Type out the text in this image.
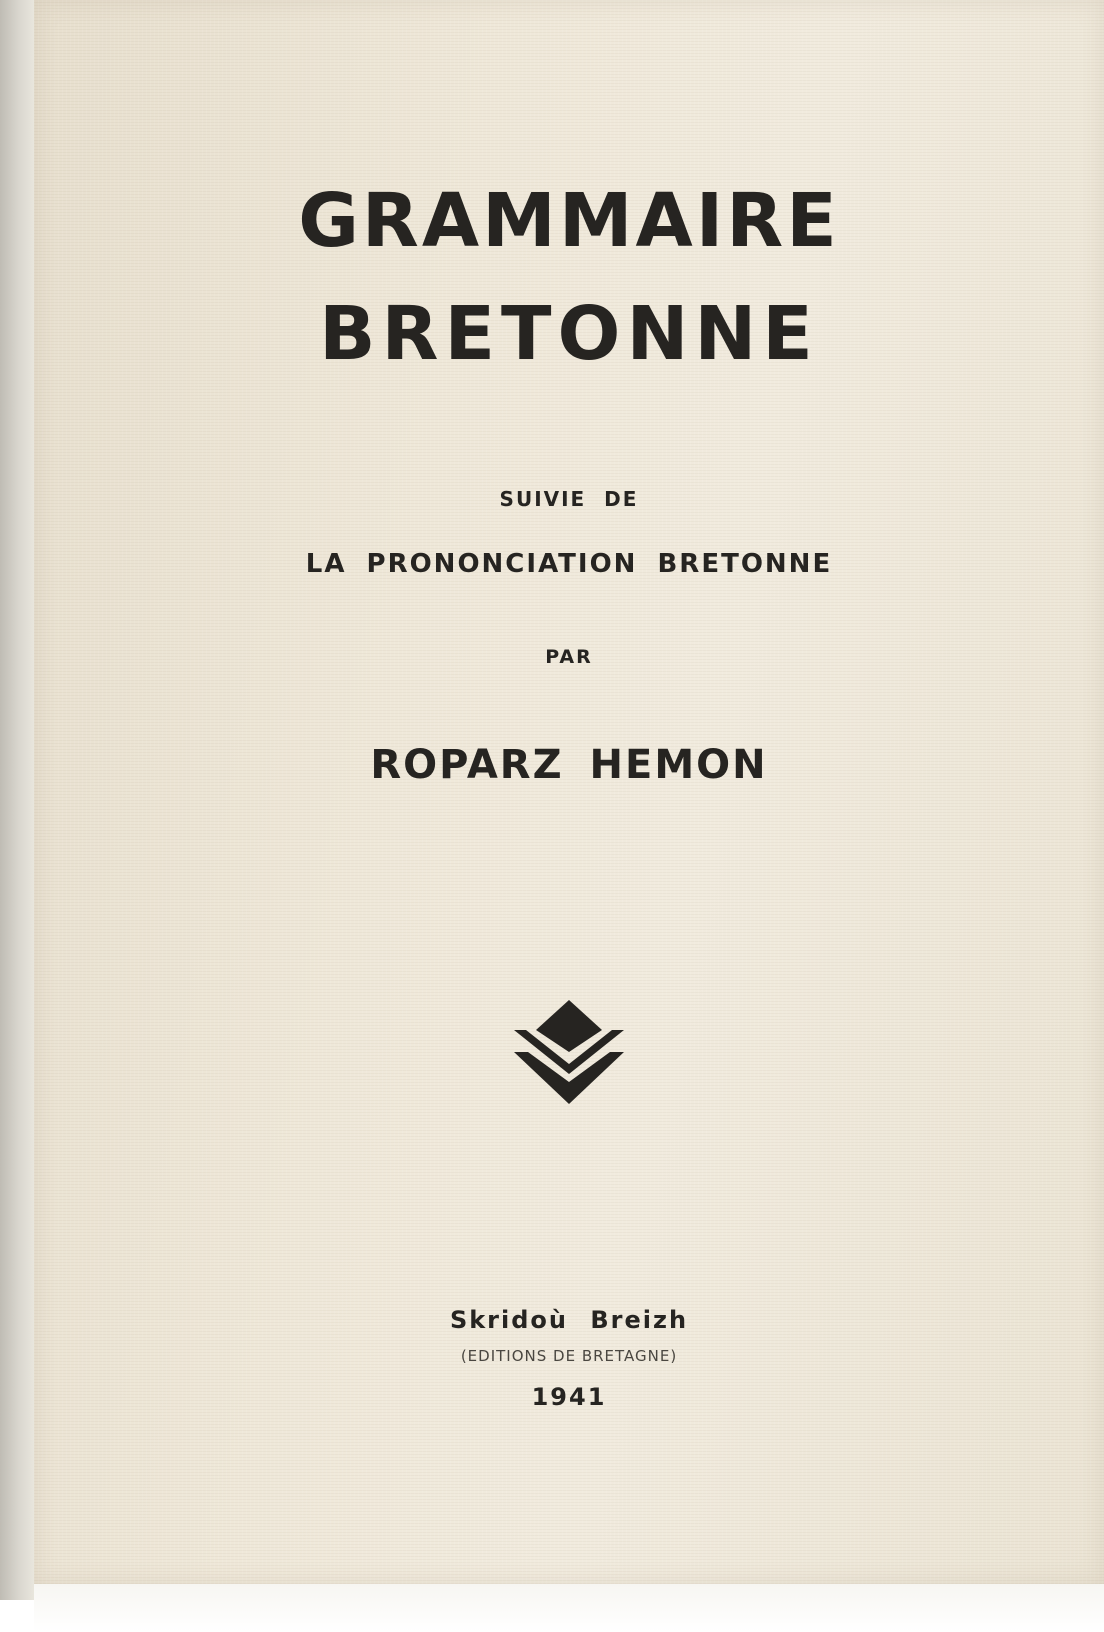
GRAMMAIRE
BRETONNE
SUIVIE DE
LA PRONONCIATION BRETONNE
PAR
ROPARZ HEMON
Skridoù Breizh
(EDITIONS DE BRETAGNE)
1941
